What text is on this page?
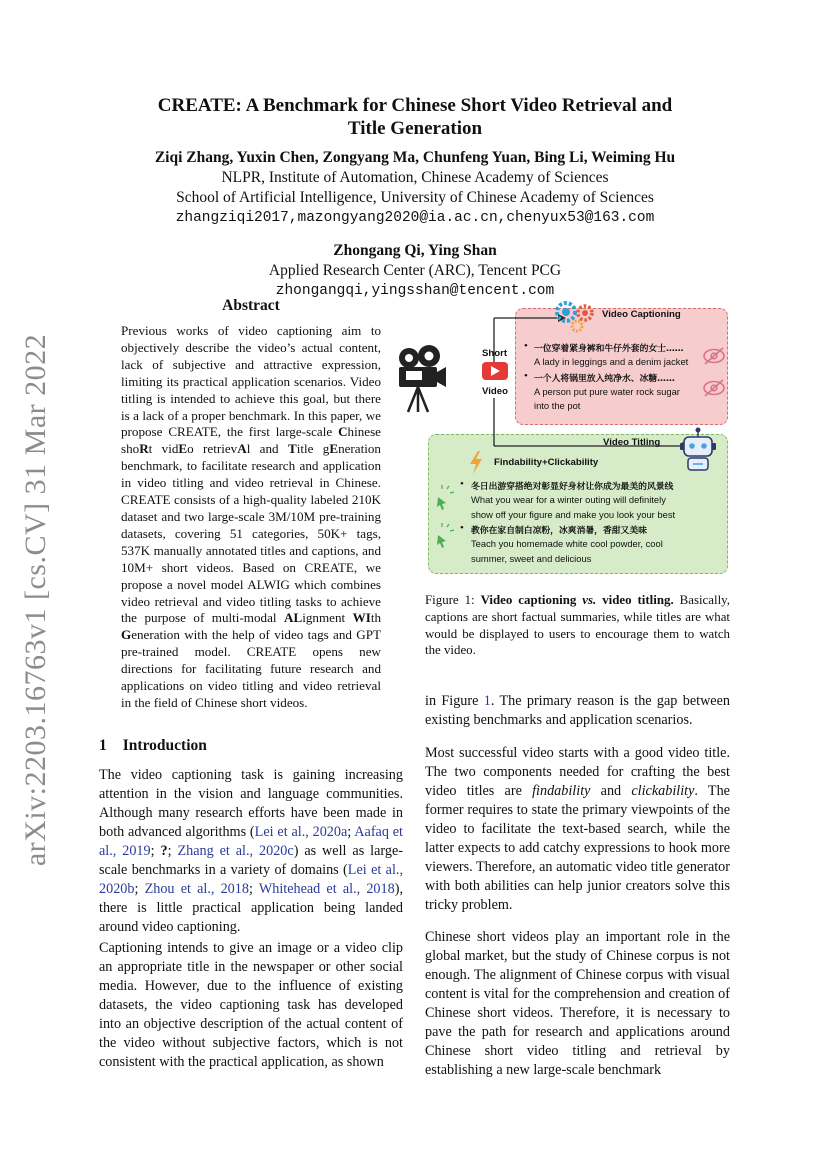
arXiv:2203.16763v1 [cs.CV] 31 Mar 2022
CREATE: A Benchmark for Chinese Short Video Retrieval and
Title Generation
Ziqi Zhang, Yuxin Chen, Zongyang Ma, Chunfeng Yuan, Bing Li, Weiming Hu
NLPR, Institute of Automation, Chinese Academy of Sciences
School of Artificial Intelligence, University of Chinese Academy of Sciences
zhangziqi2017,mazongyang2020@ia.ac.cn,chenyux53@163.com
Zhongang Qi, Ying Shan
Applied Research Center (ARC), Tencent PCG
zhongangqi,yingsshan@tencent.com
Abstract
Previous works of video captioning aim to objectively describe the video’s actual content, lack of subjective and attractive expression, limiting its practical application scenarios. Video titling is intended to achieve this goal, but there is a lack of a proper benchmark. In this paper, we propose CREATE, the first large-scale Chinese shoRt vidEo retrievAl and Title gEneration benchmark, to facilitate research and application in video titling and video retrieval in Chinese. CREATE consists of a high-quality labeled 210K dataset and two large-scale 3M/10M pre-training datasets, covering 51 categories, 50K+ tags, 537K manually annotated titles and captions, and 10M+ short videos. Based on CREATE, we propose a novel model ALWIG which combines video retrieval and video titling tasks to achieve the purpose of multi-modal ALignment WIth Generation with the help of video tags and GPT pre-trained model. CREATE opens new directions for facilitating future research and applications on video titling and video retrieval in the field of Chinese short videos.
1 Introduction
The video captioning task is gaining increasing attention in the vision and language communities. Although many research efforts have been made in both advanced algorithms (Lei et al., 2020a; Aafaq et al., 2019; ?; Zhang et al., 2020c) as well as large-scale benchmarks in a variety of domains (Lei et al., 2020b; Zhou et al., 2018; Whitehead et al., 2018), there is little practical application being landed around video captioning.
Captioning intends to give an image or a video clip an appropriate title in the newspaper or other social media. However, due to the influence of existing datasets, the video captioning task has developed into an objective description of the actual content of the video without subjective factors, which is not consistent with the practical application, as shown
in Figure 1. The primary reason is the gap between existing benchmarks and application scenarios.
Most successful video starts with a good video title. The two components needed for crafting the best video titles are findability and clickability. The former requires to state the primary viewpoints of the video to facilitate the text-based search, while the latter expects to add catchy expressions to hook more viewers. Therefore, an automatic video title generator with both abilities can help junior creators solve this tricky problem.
Chinese short videos play an important role in the global market, but the study of Chinese corpus is not enough. The alignment of Chinese corpus with visual content is vital for the comprehension and creation of Chinese short videos. Therefore, it is necessary to pave the path for research and applications around Chinese short video titling and retrieval by establishing a new large-scale benchmark
Short
Video
Video Captioning
Video Titling
Findability+Clickability
• 一位穿着紧身裤和牛仔外套的女士……
A lady in leggings and a denim jacket
• 一个人将锅里放入纯净水、冰糖……
A person put pure water rock sugar
into the pot
• 冬日出游穿搭绝对彰显好身材让你成为最美的风景线
What you wear for a winter outing will definitely
show off your figure and make you look your best
• 教你在家自制白凉粉，冰爽消暑，香甜又美味
Teach you homemade white cool powder, cool
summer, sweet and delicious
Figure 1: Video captioning vs. video titling. Basically, captions are short factual summaries, while titles are what would be displayed to users to encourage them to watch the video.
